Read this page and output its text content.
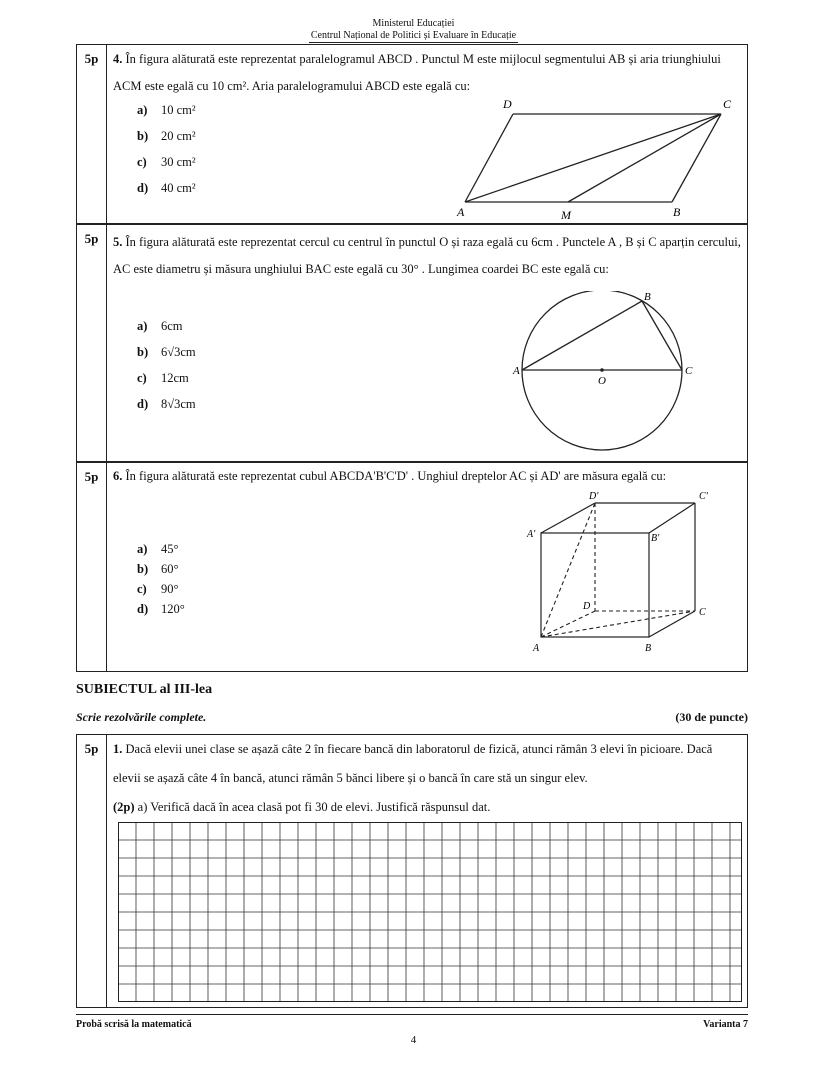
Ministerul Educației
Centrul Național de Politici și Evaluare în Educație
5p	4. În figura alăturată este reprezentat paralelogramul ABCD . Punctul M este mijlocul segmentului AB și aria triunghiului ACM este egală cu 10 cm². Aria paralelogramului ABCD este egală cu:
a) 10 cm²
b) 20 cm²
c) 30 cm²
d) 40 cm²
A
D	C
B
M
5p	5. În figura alăturată este reprezentat cercul cu centrul în punctul O și raza egală cu 6cm . Punctele A , B și C aparțin cercului, AC este diametru și măsura unghiului BAC este egală cu 30° . Lungimea coardei BC este egală cu:
a) 6cm
b) 6√3cm
c) 12cm
d) 8√3cm
A
B
C
O
5p	6. În figura alăturată este reprezentat cubul ABCDA'B'C'D' . Unghiul dreptelor AC și AD' are măsura egală cu:
a) 45°
b) 60°
c) 90°
d) 120°
A'	B'
C'
D'
A	B
C
D
SUBIECTUL al III-lea
Scrie rezolvările complete.	(30 de puncte)
5p	1. Dacă elevii unei clase se așază câte 2 în fiecare bancă din laboratorul de fizică, atunci rămân 3 elevi în picioare. Dacă elevii se așază câte 4 în bancă, atunci rămân 5 bănci libere și o bancă în care stă un singur elev.
(2p) a) Verifică dacă în acea clasă pot fi 30 de elevi. Justifică răspunsul dat.
Probă scrisă la matematică	Varianta 7
4
